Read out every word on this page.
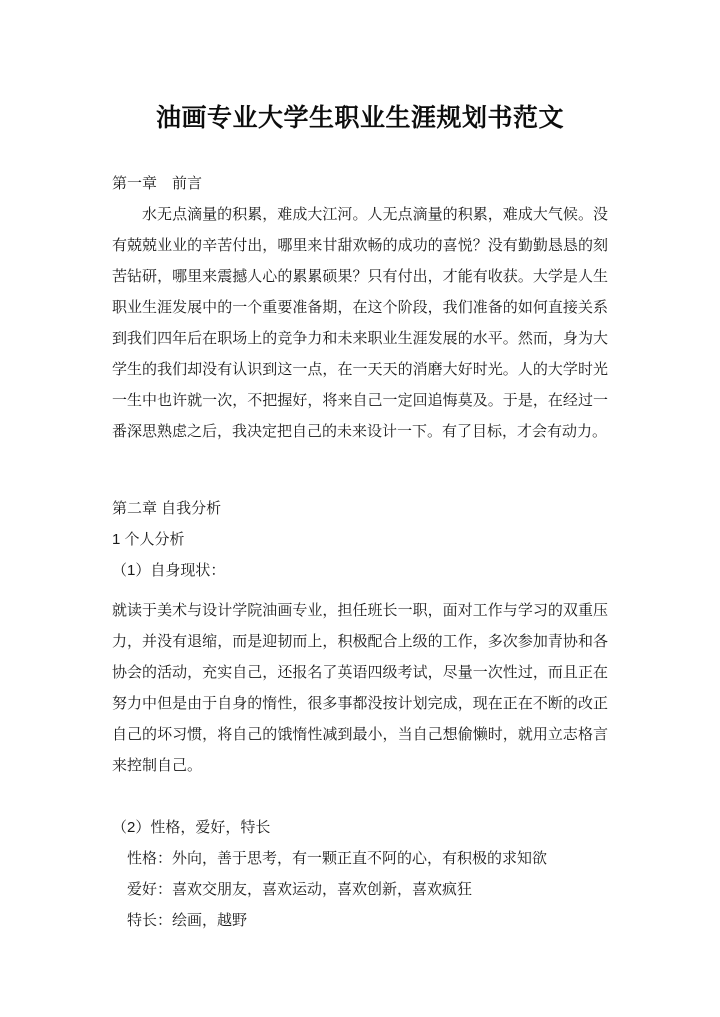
油画专业大学生职业生涯规划书范文

第一章　前言

水无点滴量的积累，难成大江河。人无点滴量的积累，难成大气候。没有兢兢业业的辛苦付出，哪里来甘甜欢畅的成功的喜悦？没有勤勤恳恳的刻苦钻研，哪里来震撼人心的累累硕果？只有付出，才能有收获。大学是人生职业生涯发展中的一个重要准备期，在这个阶段，我们准备的如何直接关系到我们四年后在职场上的竞争力和未来职业生涯发展的水平。然而，身为大学生的我们却没有认识到这一点，在一天天的消磨大好时光。人的大学时光一生中也许就一次，不把握好，将来自己一定回追悔莫及。于是，在经过一番深思熟虑之后，我决定把自己的未来设计一下。有了目标，才会有动力。

第二章 自我分析

1 个人分析

（1）自身现状：

就读于美术与设计学院油画专业，担任班长一职，面对工作与学习的双重压力，并没有退缩，而是迎韧而上，积极配合上级的工作，多次参加青协和各协会的活动，充实自己，还报名了英语四级考试，尽量一次性过，而且正在努力中但是由于自身的惰性，很多事都没按计划完成，现在正在不断的改正自己的坏习惯，将自己的饿惰性减到最小，当自己想偷懒时，就用立志格言来控制自己。

（2）性格，爱好，特长

性格：外向，善于思考，有一颗正直不阿的心，有积极的求知欲

爱好：喜欢交朋友，喜欢运动，喜欢创新，喜欢疯狂

特长：绘画，越野
